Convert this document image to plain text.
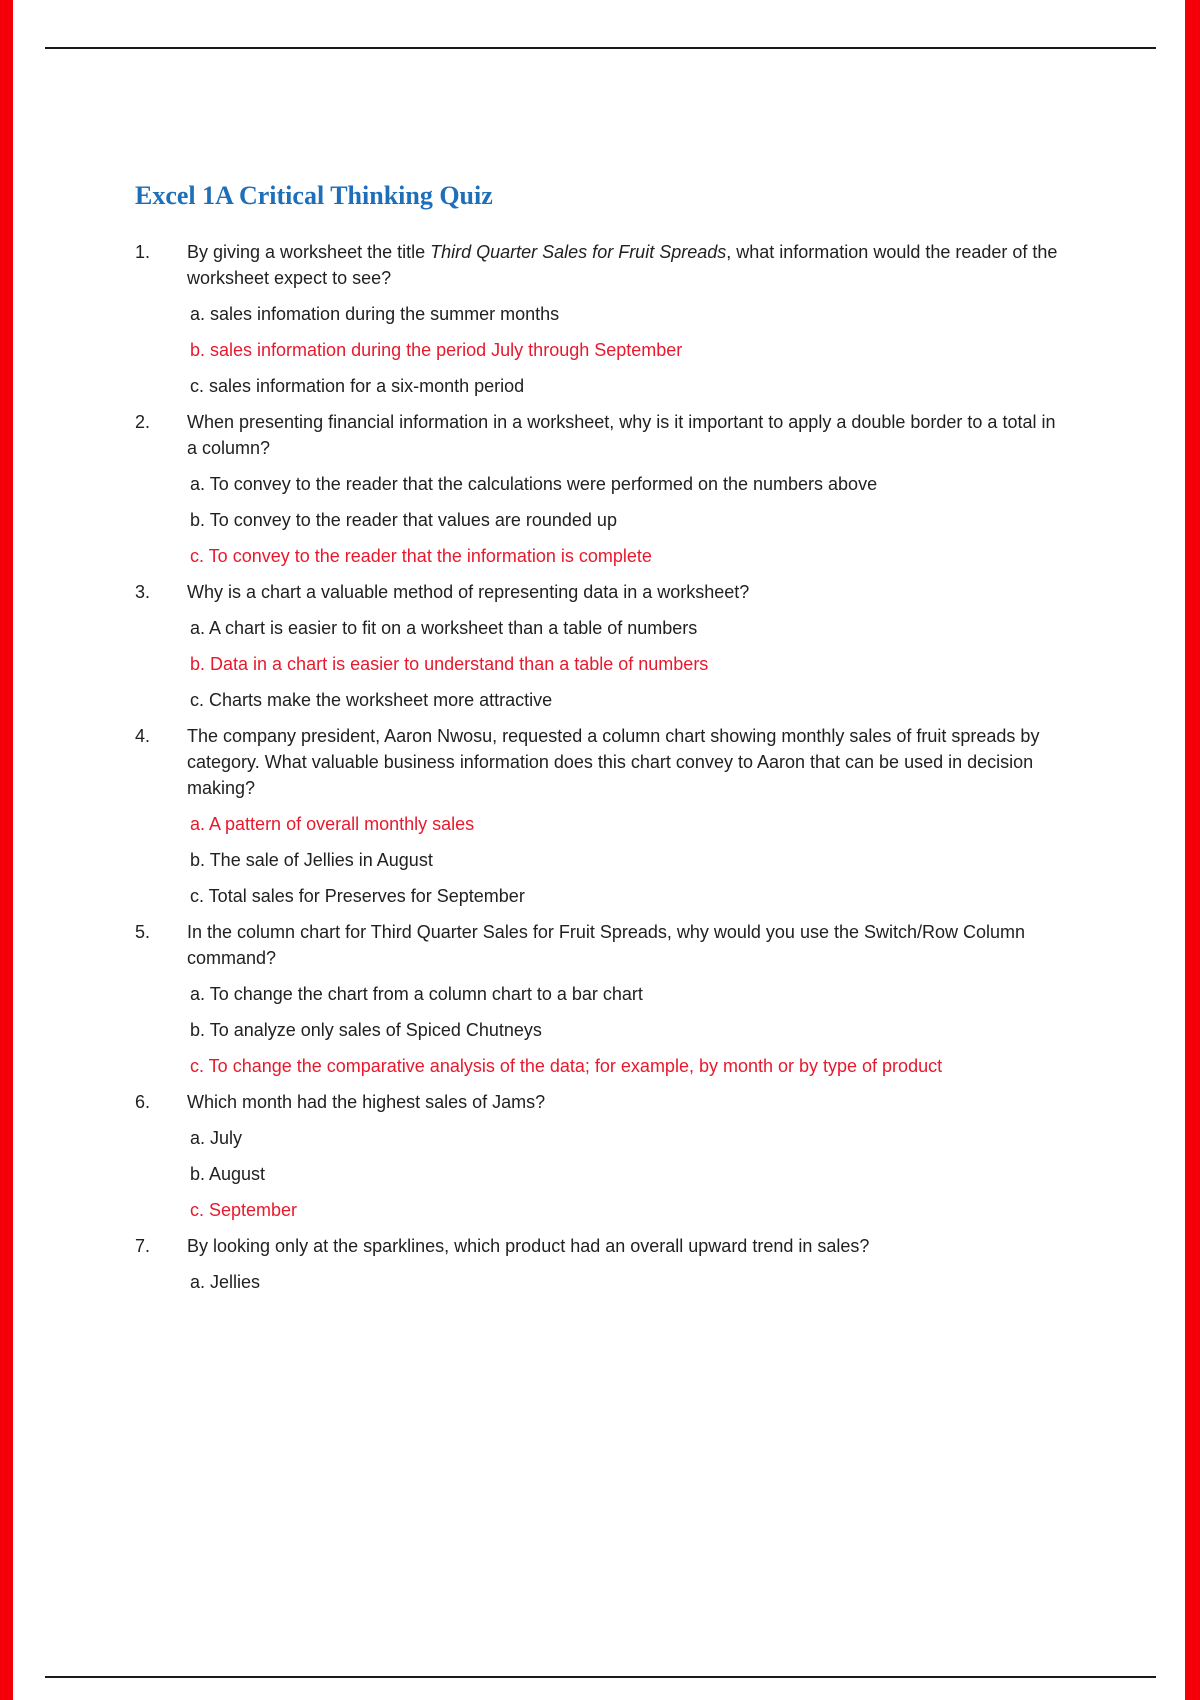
Excel 1A Critical Thinking Quiz
1.	By giving a worksheet the title Third Quarter Sales for Fruit Spreads, what information would the reader of the worksheet expect to see?
a. sales infomation during the summer months
b. sales information during the period July through September
c. sales information for a six-month period
2.	When presenting financial information in a worksheet, why is it important to apply a double border to a total in a column?
a. To convey to the reader that the calculations were performed on the numbers above
b. To convey to the reader that values are rounded up
c. To convey to the reader that the information is complete
3.	Why is a chart a valuable method of representing data in a worksheet?
a. A chart is easier to fit on a worksheet than a table of numbers
b. Data in a chart is easier to understand than a table of numbers
c. Charts make the worksheet more attractive
4.	The company president, Aaron Nwosu, requested a column chart showing monthly sales of fruit spreads by category. What valuable business information does this chart convey to Aaron that can be used in decision making?
a. A pattern of overall monthly sales
b. The sale of Jellies in August
c. Total sales for Preserves for September
5.	In the column chart for Third Quarter Sales for Fruit Spreads, why would you use the Switch/Row Column command?
a. To change the chart from a column chart to a bar chart
b. To analyze only sales of Spiced Chutneys
c. To change the comparative analysis of the data; for example, by month or by type of product
6.	Which month had the highest sales of Jams?
a. July
b. August
c. September
7.	By looking only at the sparklines, which product had an overall upward trend in sales?
a. Jellies
